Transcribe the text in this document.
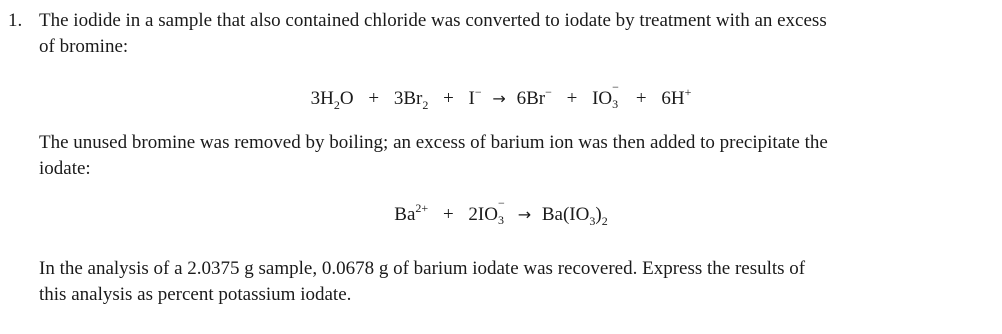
1. The iodide in a sample that also contained chloride was converted to iodate by treatment with an excess
of bromine:

$3H_2O + 3Br_2 + I^- \to 6Br^-$ + IO
−
3 + 6H+

The unused bromine was removed by boiling; an excess of barium ion was then added to precipitate the
iodate:

$Ba^{2+} + 2IO$
−
$3 \to Ba(IO_3)_2$

In the analysis of a 2.0375 g sample, 0.0678 g of barium iodate was recovered. Express the results of
this analysis as percent potassium iodate.
